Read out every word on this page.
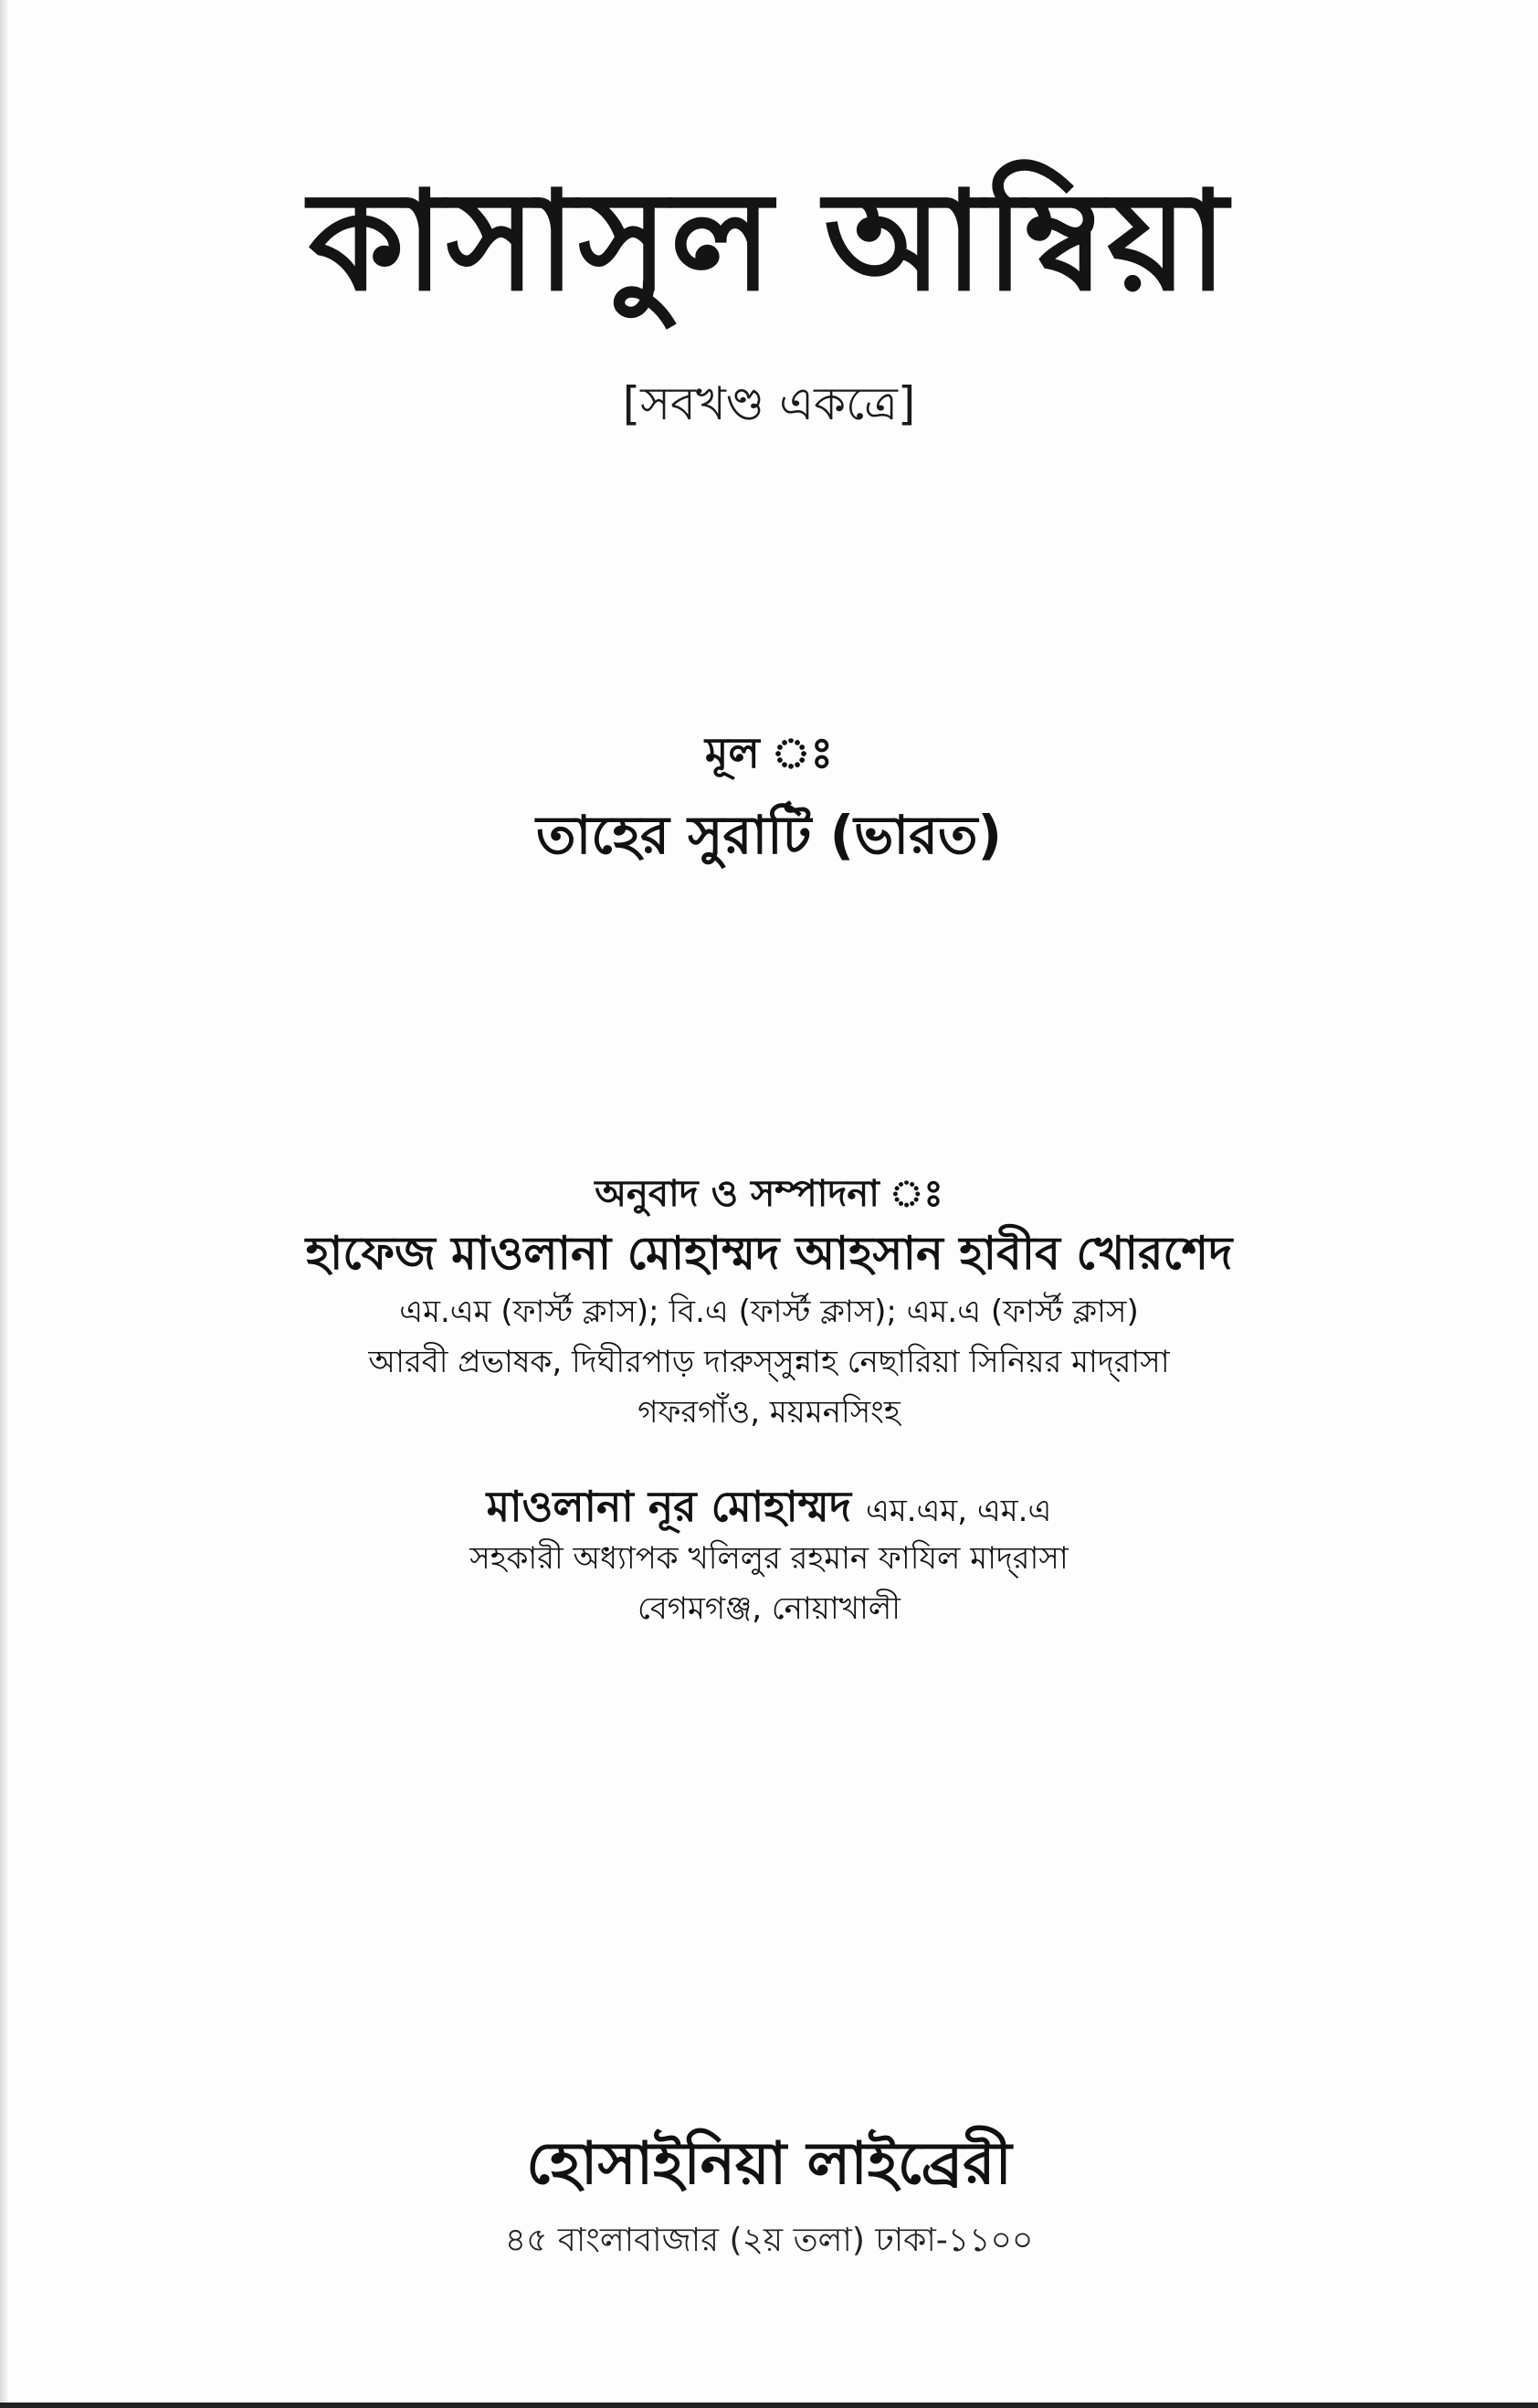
কাসাসুল আম্বিয়া
[সবখণ্ড একত্রে]
মূল ঃ
তাহের সুরাটি (ভারত)
অনুবাদ ও সম্পাদনা ঃ
হাফেজ মাওলানা মোহাম্মদ আহসান হাবীব খোরশেদ
এম.এম (ফার্স্ট ক্লাস); বি.এ (ফার্স্ট ক্লাস); এম.এ (ফার্স্ট ক্লাস)
আরবী প্রভাষক, দিঘীরপাড় দারুস্সুন্নাহ নেছারিয়া সিনিয়র মাদ্‌রাসা
গফরগাঁও, ময়মনসিংহ
মাওলানা নূর মোহাম্মদ এম.এম, এম.এ
সহকারী অধ্যাপক খলিলুর রহমান ফাযিল মাদ্‌রাসা
বেগমগঞ্জ, নোয়াখালী
হোসাইনিয়া লাইব্রেরী
৪৫ বাংলাবাজার (২য় তলা) ঢাকা-১১০০
